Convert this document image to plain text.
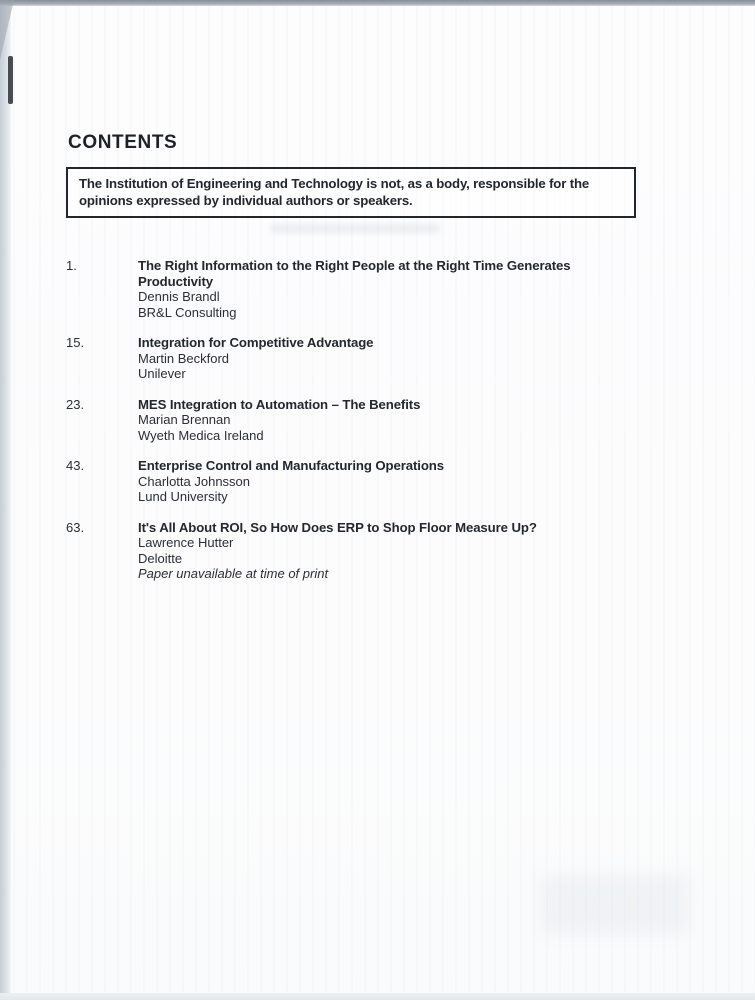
CONTENTS
The Institution of Engineering and Technology is not, as a body, responsible for the opinions expressed by individual authors or speakers.
1.	The Right Information to the Right People at the Right Time Generates Productivity
Dennis Brandl
BR&L Consulting
15.	Integration for Competitive Advantage
Martin Beckford
Unilever
23.	MES Integration to Automation – The Benefits
Marian Brennan
Wyeth Medica Ireland
43.	Enterprise Control and Manufacturing Operations
Charlotta Johnsson
Lund University
63.	It's All About ROI, So How Does ERP to Shop Floor Measure Up?
Lawrence Hutter
Deloitte
Paper unavailable at time of print
